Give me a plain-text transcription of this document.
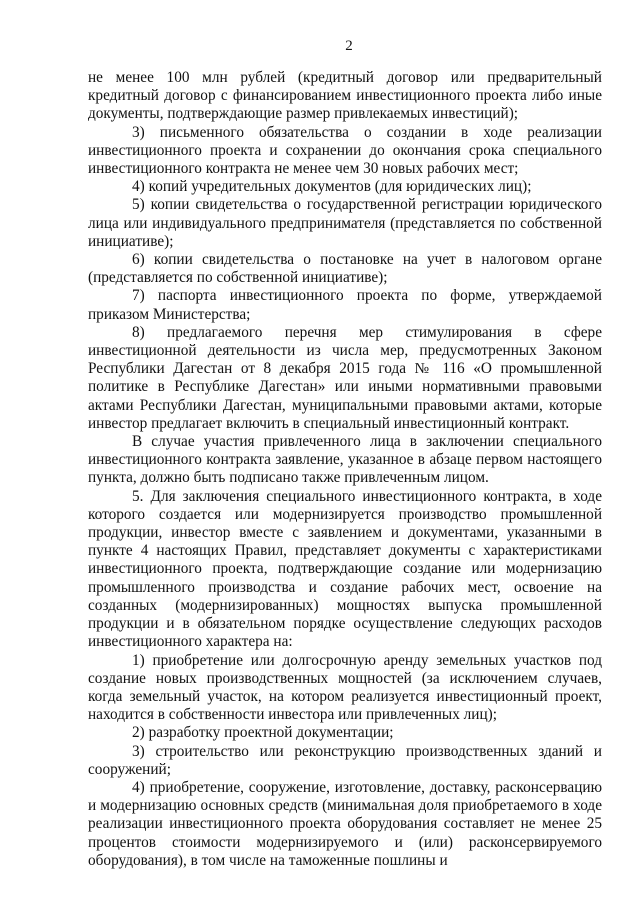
2

не менее 100 млн рублей (кредитный договор или предварительный кредитный договор с финансированием инвестиционного проекта либо иные документы, подтверждающие размер привлекаемых инвестиций);

3) письменного обязательства о создании в ходе реализации инвестиционного проекта и сохранении до окончания срока специального инвестиционного контракта не менее чем 30 новых рабочих мест;

4) копий учредительных документов (для юридических лиц);

5) копии свидетельства о государственной регистрации юридического лица или индивидуального предпринимателя (представляется по собственной инициативе);

6) копии свидетельства о постановке на учет в налоговом органе (представляется по собственной инициативе);

7) паспорта инвестиционного проекта по форме, утверждаемой приказом Министерства;

8) предлагаемого перечня мер стимулирования в сфере инвестиционной деятельности из числа мер, предусмотренных Законом Республики Дагестан от 8 декабря 2015 года № 116 «О промышленной политике в Республике Дагестан» или иными нормативными правовыми актами Республики Дагестан, муниципальными правовыми актами, которые инвестор предлагает включить в специальный инвестиционный контракт.

В случае участия привлеченного лица в заключении специального инвестиционного контракта заявление, указанное в абзаце первом настоящего пункта, должно быть подписано также привлеченным лицом.

5. Для заключения специального инвестиционного контракта, в ходе которого создается или модернизируется производство промышленной продукции, инвестор вместе с заявлением и документами, указанными в пункте 4 настоящих Правил, представляет документы с характеристиками инвестиционного проекта, подтверждающие создание или модернизацию промышленного производства и создание рабочих мест, освоение на созданных (модернизированных) мощностях выпуска промышленной продукции и в обязательном порядке осуществление следующих расходов инвестиционного характера на:

1) приобретение или долгосрочную аренду земельных участков под создание новых производственных мощностей (за исключением случаев, когда земельный участок, на котором реализуется инвестиционный проект, находится в собственности инвестора или привлеченных лиц);

2) разработку проектной документации;

3) строительство или реконструкцию производственных зданий и сооружений;

4) приобретение, сооружение, изготовление, доставку, расконсервацию и модернизацию основных средств (минимальная доля приобретаемого в ходе реализации инвестиционного проекта оборудования составляет не менее 25 процентов стоимости модернизируемого и (или) расконсервируемого оборудования), в том числе на таможенные пошлины и
